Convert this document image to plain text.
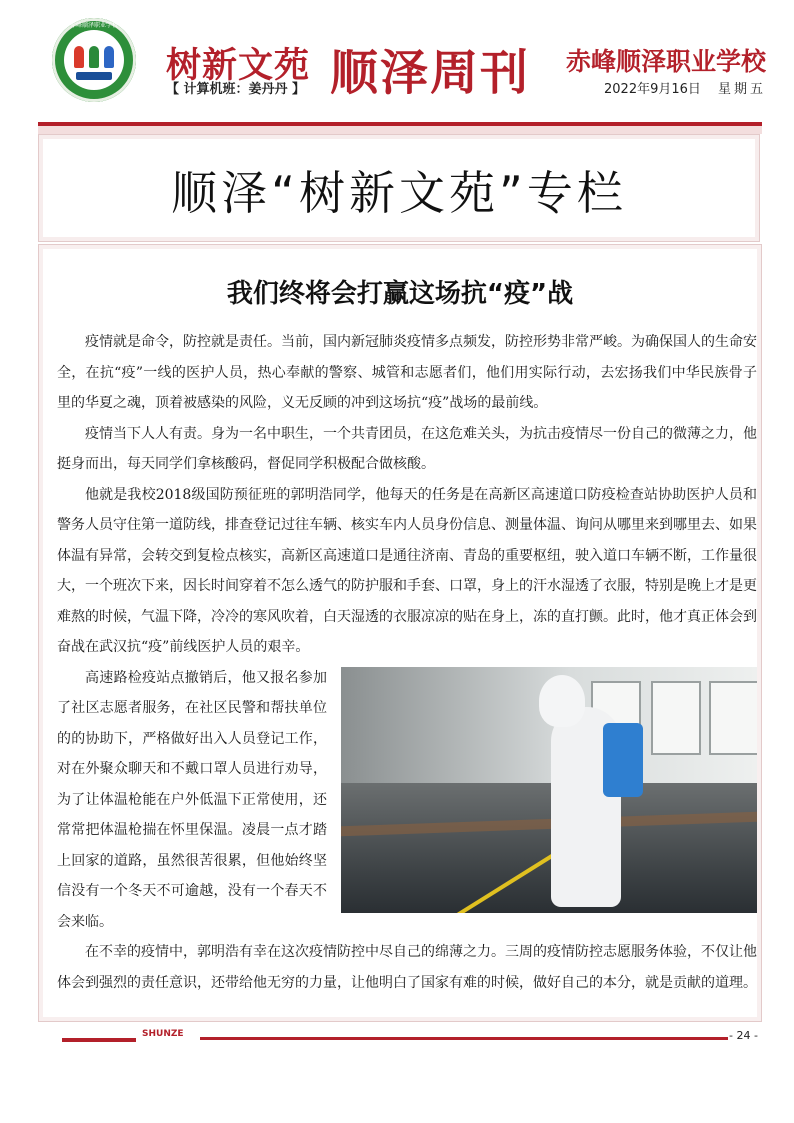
赤峰顺泽职业学校
树新文苑
【 计算机班：姜丹丹 】 顺泽周刊 赤峰顺泽职业学校
2022年9月16日 星期五
顺泽“树新文苑”专栏
我们终将会打赢这场抗“疫”战

疫情就是命令，防控就是责任。当前，国内新冠肺炎疫情多点频发，防控形势非常严峻。为确保国人的生命安全，在抗“疫”一线的医护人员，热心奉献的警察、城管和志愿者们，他们用实际行动，去宏扬我们中华民族骨子里的华夏之魂，顶着被感染的风险，义无反顾的冲到这场抗“疫”战场的最前线。

疫情当下人人有责。身为一名中职生，一个共青团员，在这危难关头，为抗击疫情尽一份自己的微薄之力，他挺身而出，每天同学们拿核酸码，督促同学积极配合做核酸。

他就是我校2018级国防预征班的郭明浩同学，他每天的任务是在高新区高速道口防疫检查站协助医护人员和警务人员守住第一道防线，排查登记过往车辆、核实车内人员身份信息、测量体温、询问从哪里来到哪里去、如果体温有异常，会转交到复检点核实，高新区高速道口是通往济南、青岛的重要枢纽，驶入道口车辆不断，工作量很大，一个班次下来，因长时间穿着不怎么透气的防护服和手套、口罩，身上的汗水湿透了衣服，特别是晚上才是更难熬的时候，气温下降，冷冷的寒风吹着，白天湿透的衣服凉凉的贴在身上，冻的直打颤。此时，他才真正体会到奋战在武汉抗“疫”前线医护人员的艰辛。

高速路检疫站点撤销后，他又报名参加了社区志愿者服务，在社区民警和帮扶单位的的协助下，严格做好出入人员登记工作，对在外聚众聊天和不戴口罩人员进行劝导，为了让体温枪能在户外低温下正常使用，还常常把体温枪揣在怀里保温。凌晨一点才踏上回家的道路，虽然很苦很累，但他始终坚信没有一个冬天不可逾越，没有一个春天不会来临。

在不幸的疫情中，郭明浩有幸在这次疫情防控中尽自己的绵薄之力。三周的疫情防控志愿服务体验，不仅让他体会到强烈的责任意识，还带给他无穷的力量，让他明白了国家有难的时候，做好自己的本分，就是贡献的道理。

SHUNZE	- 24 -
